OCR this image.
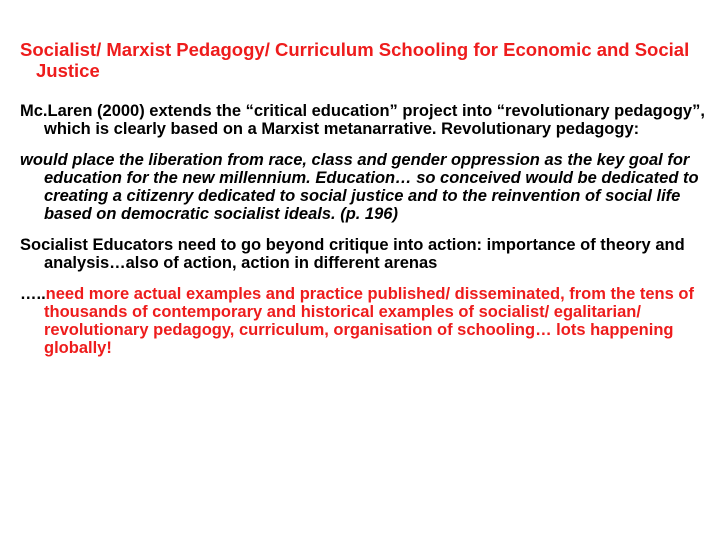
Socialist/ Marxist Pedagogy/ Curriculum Schooling for Economic and Social Justice
Mc.Laren (2000) extends the “critical education” project into “revolutionary pedagogy”, which is clearly based on a Marxist metanarrative. Revolutionary pedagogy:
would place the liberation from race, class and gender oppression as the key goal for education for the new millennium. Education… so conceived would be dedicated to creating a citizenry dedicated to social justice and to the reinvention of social life based on democratic socialist ideals. (p. 196)
Socialist Educators need to go beyond critique into action: importance of theory and analysis…also of action, action in different arenas
…..need more actual examples and practice published/ disseminated, from the tens of thousands of contemporary and historical examples of socialist/ egalitarian/ revolutionary pedagogy, curriculum, organisation of schooling… lots happening globally!
